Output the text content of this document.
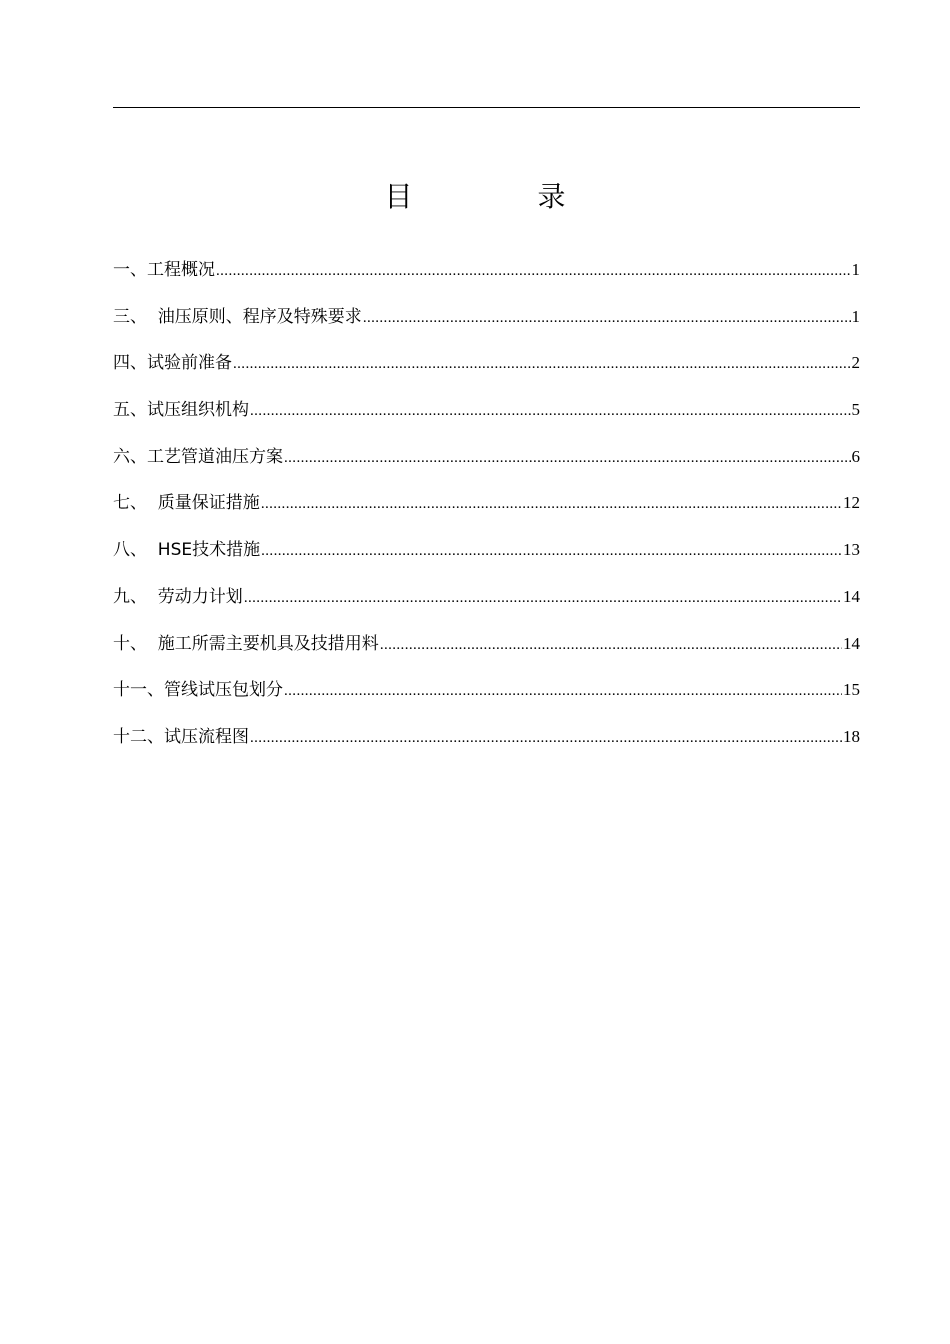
目 录
一、工程概况 .....	1
三、  油压原则、程序及特殊要求 .....	1
四、试验前准备 .....	2
五、试压组织机构 .....	5
六、工艺管道油压方案 .....	6
七、  质量保证措施 .....	12
八、  HSE技术措施 .....	13
九、  劳动力计划 .....	14
十、  施工所需主要机具及技措用料 .....	14
十一、管线试压包划分 .....	15
十二、试压流程图 .....	18
